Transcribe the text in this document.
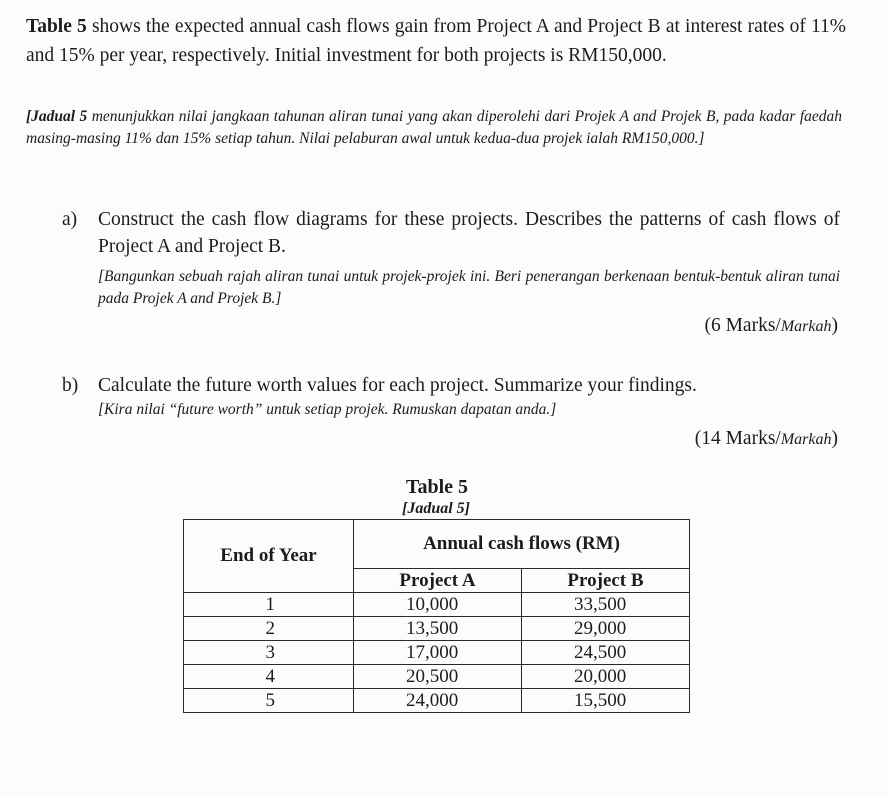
Table 5 shows the expected annual cash flows gain from Project A and Project B at interest rates of 11% and 15% per year, respectively. Initial investment for both projects is RM150,000.
[Jadual 5 menunjukkan nilai jangkaan tahunan aliran tunai yang akan diperolehi dari Projek A and Projek B, pada kadar faedah masing-masing 11% dan 15% setiap tahun. Nilai pelaburan awal untuk kedua-dua projek ialah RM150,000.]
a) Construct the cash flow diagrams for these projects. Describes the patterns of cash flows of Project A and Project B.
[Bangunkan sebuah rajah aliran tunai untuk projek-projek ini. Beri penerangan berkenaan bentuk-bentuk aliran tunai pada Projek A and Projek B.]
(6 Marks/Markah)
b) Calculate the future worth values for each project. Summarize your findings.
[Kira nilai “future worth” untuk setiap projek. Rumuskan dapatan anda.]
(14 Marks/Markah)
Table 5
[Jadual 5]
End of Year	Annual cash flows (RM)	
	Project A	Project B
1	10,000	33,500
2	13,500	29,000
3	17,000	24,500
4	20,500	20,000
5	24,000	15,500
